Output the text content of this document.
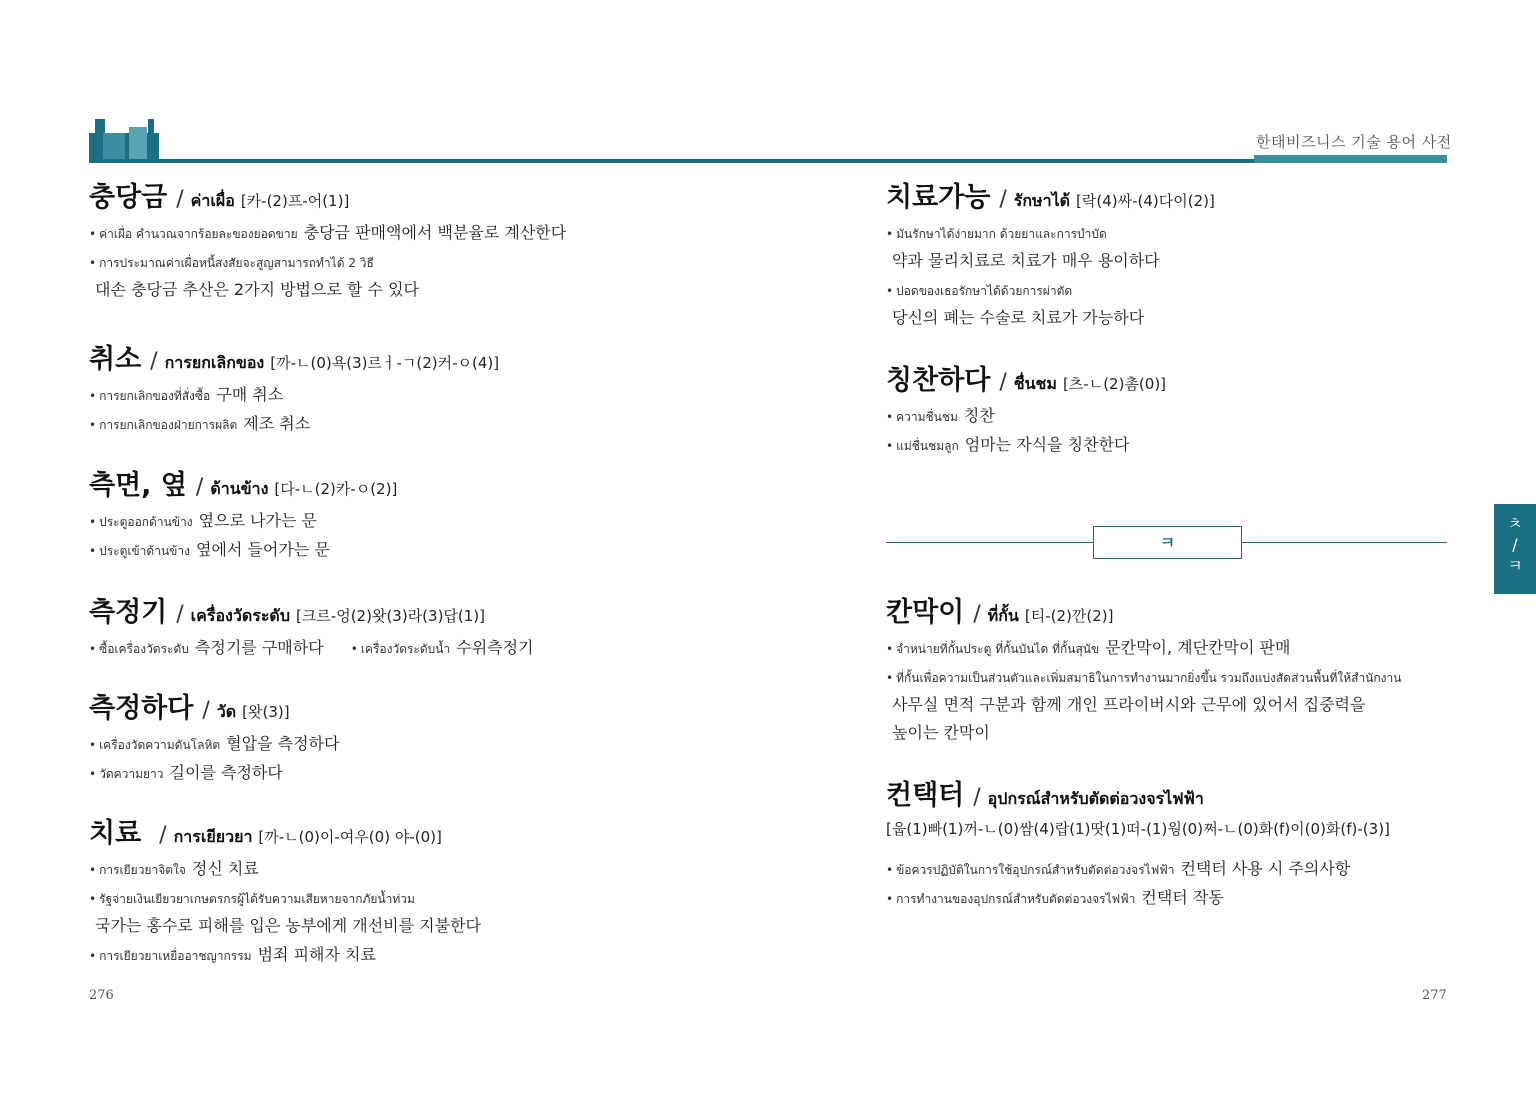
한태비즈니스 기술 용어 사전
충당금 / ค่าเผื่อ [카-(2)프-어(1)]
• ค่าเผื่อ คำนวณจากร้อยละของยอดขาย 충당금 판매액에서 백분율로 계산한다
• การประมาณค่าเผื่อหนี้สงสัยจะสูญสามารถทำได้ 2 วิธี
대손 충당금 추산은 2가지 방법으로 할 수 있다
취소 / การยกเลิกของ [까-ㄴ(0)욕(3)르ㅓ-ㄱ(2)커-ㅇ(4)]
• การยกเลิกของที่สั่งซื้อ 구매 취소
• การยกเลิกของฝ่ายการผลิต 제조 취소
측면, 옆 / ด้านข้าง [다-ㄴ(2)카-ㅇ(2)]
• ประตูออกด้านข้าง 옆으로 나가는 문
• ประตูเข้าด้านข้าง 옆에서 들어가는 문
측정기 / เครื่องวัดระดับ [크르-엉(2)왓(3)라(3)답(1)]
• ซื้อเครื่องวัดระดับ 측정기를 구매하다 • เครื่องวัดระดับน้ำ 수위측정기
측정하다 / วัด [왓(3)]
• เครื่องวัดความดันโลหิต 혈압을 측정하다
• วัดความยาว 길이를 측정하다
치료 / การเยียวยา [까-ㄴ(0)이-여우(0) 야-(0)]
• การเยียวยาจิตใจ 정신 치료
• รัฐจ่ายเงินเยียวยาเกษตรกรผู้ได้รับความเสียหายจากภัยน้ำท่วม
국가는 홍수로 피해를 입은 농부에게 개선비를 지불한다
• การเยียวยาเหยื่ออาชญากรรม 범죄 피해자 치료
치료가능 / รักษาได้ [락(4)싸-(4)다이(2)]
• มันรักษาได้ง่ายมาก ด้วยยาและการบำบัด
약과 물리치료로 치료가 매우 용이하다
• ปอดของเธอรักษาได้ด้วยการผ่าตัด
당신의 폐는 수술로 치료가 가능하다
칭찬하다 / ชื่นชม [츠-ㄴ(2)촘(0)]
• ความชื่นชม 칭찬
• แม่ชื่นชมลูก 엄마는 자식을 칭찬한다
ㅋ
칸막이 / ที่กั้น [티-(2)깐(2)]
• จำหน่ายที่กั้นประตู ที่กั้นบันได ที่กั้นสุนัข 문칸막이, 계단칸막이 판매
• ที่กั้นเพื่อความเป็นส่วนตัวและเพิ่มสมาธิในการทำงานมากยิ่งขึ้น รวมถึงแบ่งสัดส่วนพื้นที่ให้สำนักงาน
사무실 면적 구분과 함께 개인 프라이버시와 근무에 있어서 집중력을
높이는 칸막이
컨택터 / อุปกรณ์สำหรับตัดต่อวงจรไฟฟ้า
[웁(1)빠(1)꺼-ㄴ(0)쌈(4)랍(1)땃(1)떠-(1)웡(0)쩌-ㄴ(0)화(f)이(0)화(f)-(3)]
• ข้อควรปฏิบัติในการใช้อุปกรณ์สำหรับตัดต่อวงจรไฟฟ้า 컨택터 사용 시 주의사항
• การทำงานของอุปกรณ์สำหรับตัดต่อวงจรไฟฟ้า 컨택터 작동
ㅊ
/
ㅋ
276	277
